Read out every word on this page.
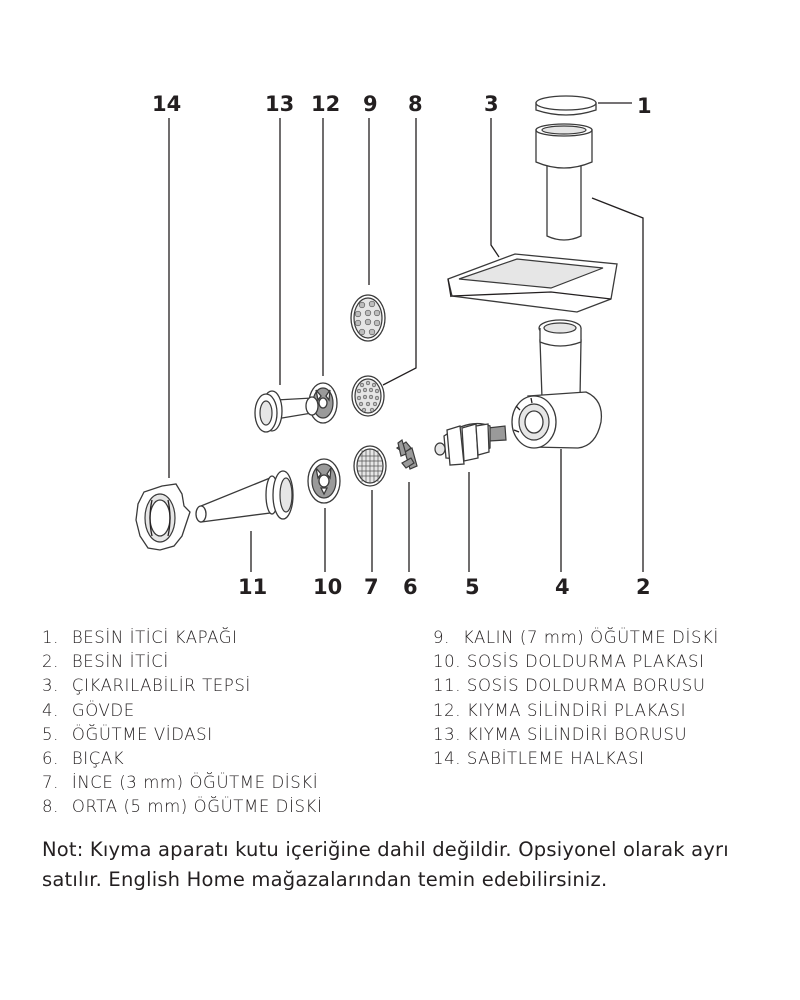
14	13 12 9 8	3	1
11 10 7 6 5	4	2
1. BESİN İTİCİ KAPAĞI
2. BESİN İTİCİ
3. ÇIKARILABİLİR TEPSİ
4. GÖVDE
5. ÖĞÜTME VİDASI
6. BIÇAK
7. İNCE (3 mm) ÖĞÜTME DİSKİ
8. ORTA (5 mm) ÖĞÜTME DİSKİ
9. KALIN (7 mm) ÖĞÜTME DİSKİ
10. SOSİS DOLDURMA PLAKASI
11. SOSİS DOLDURMA BORUSU
12. KIYMA SİLİNDİRİ PLAKASI
13. KIYMA SİLİNDİRİ BORUSU
14. SABİTLEME HALKASI

Not: Kıyma aparatı kutu içeriğine dahil değildir. Opsiyonel olarak ayrı satılır. English Home mağazalarından temin edebilirsiniz.
